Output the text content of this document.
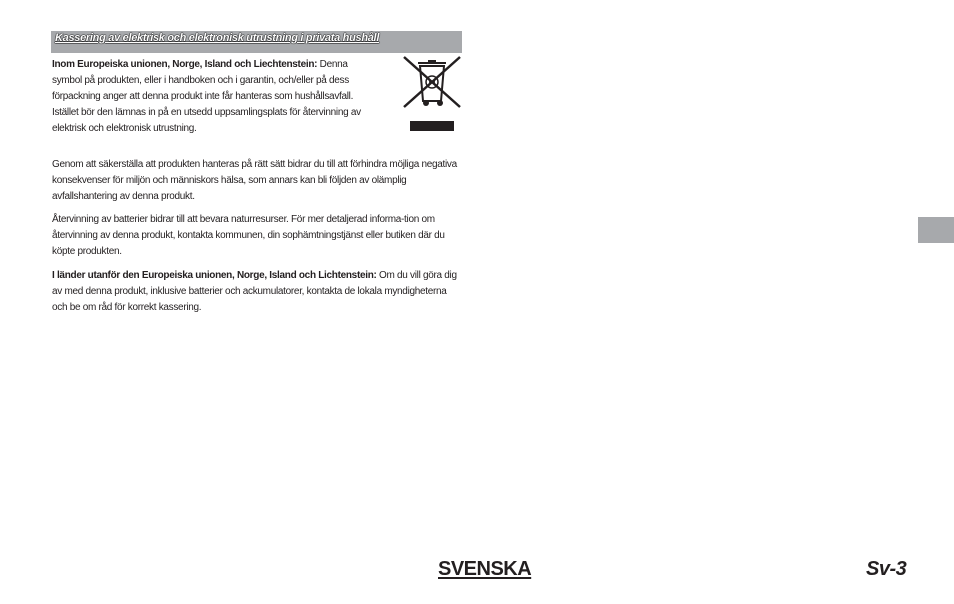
Kassering av elektrisk och elektronisk utrustning i privata hushåll

Inom Europeiska unionen, Norge, Island och Liechtenstein: Denna symbol på produkten, eller i handboken och i garantin, och/eller på dess förpackning anger att denna produkt inte får hanteras som hushållsavfall. Istället bör den lämnas in på en utsedd uppsamlingsplats för återvinning av elektrisk och elektronisk utrustning.

Genom att säkerställa att produkten hanteras på rätt sätt bidrar du till att förhindra möjliga negativa konsekvenser för miljön och människors hälsa, som annars kan bli följden av olämplig avfallshantering av denna produkt.

Återvinning av batterier bidrar till att bevara naturresurser. För mer detaljerad informa-tion om återvinning av denna produkt, kontakta kommunen, din sophämtningstjänst eller butiken där du köpte produkten.

I länder utanför den Europeiska unionen, Norge, Island och Lichtenstein: Om du vill göra dig av med denna produkt, inklusive batterier och ackumulatorer, kontakta de lokala myndigheterna och be om råd för korrekt kassering.

SVENSKA	Sv-3
